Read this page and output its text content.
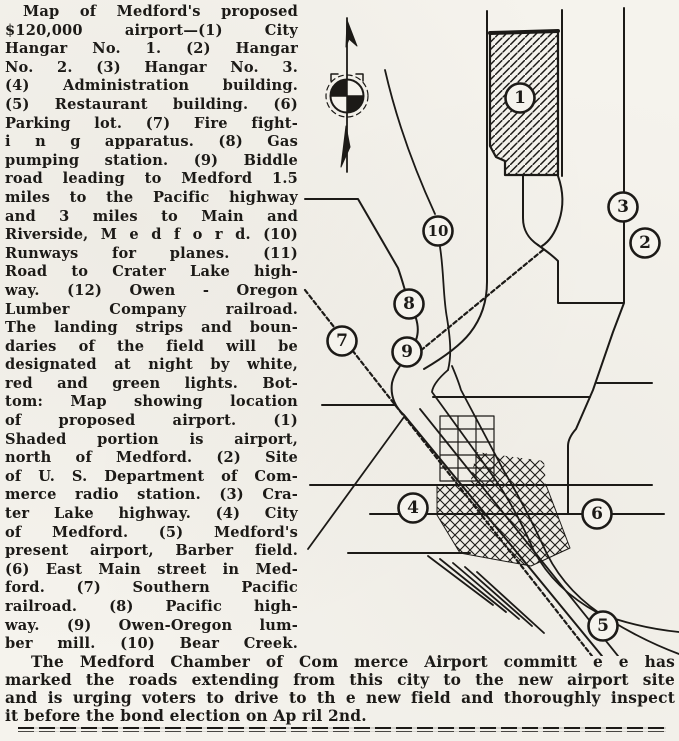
Map of Medford's proposed
$120,000 airport—(1) City
Hangar No. 1. (2) Hangar
No. 2. (3) Hangar No. 3.
(4) Administration building.
(5) Restaurant building. (6)
Parking lot. (7) Fire fight-
i n g apparatus. (8) Gas
pumping station. (9) Biddle
road leading to Medford 1.5
miles to the Pacific highway
and 3 miles to Main and
Riverside, M e d f o r d. (10)
Runways for planes. (11)
Road to Crater Lake high-
way. (12) Owen - Oregon
Lumber Company railroad.
The landing strips and boun-
daries of the field will be
designated at night by white,
red and green lights. Bot-
tom: Map showing location
of proposed airport. (1)
Shaded portion is airport,
north of Medford. (2) Site
of U. S. Department of Com-
merce radio station. (3) Cra-
ter Lake highway. (4) City
of Medford. (5) Medford's
present airport, Barber field.
(6) East Main street in Med-
ford. (7) Southern Pacific
railroad. (8) Pacific high-
way. (9) Owen-Oregon lum-
ber mill. (10) Bear Creek.
1
2
3
4
5
6
7
8
9
10
The Medford Chamber of Com merce Airport committ e e has
marked the roads extending from this city to the new airport site
and is urging voters to drive to th e new field and thoroughly inspect
it before the bond election on Ap ril 2nd.
